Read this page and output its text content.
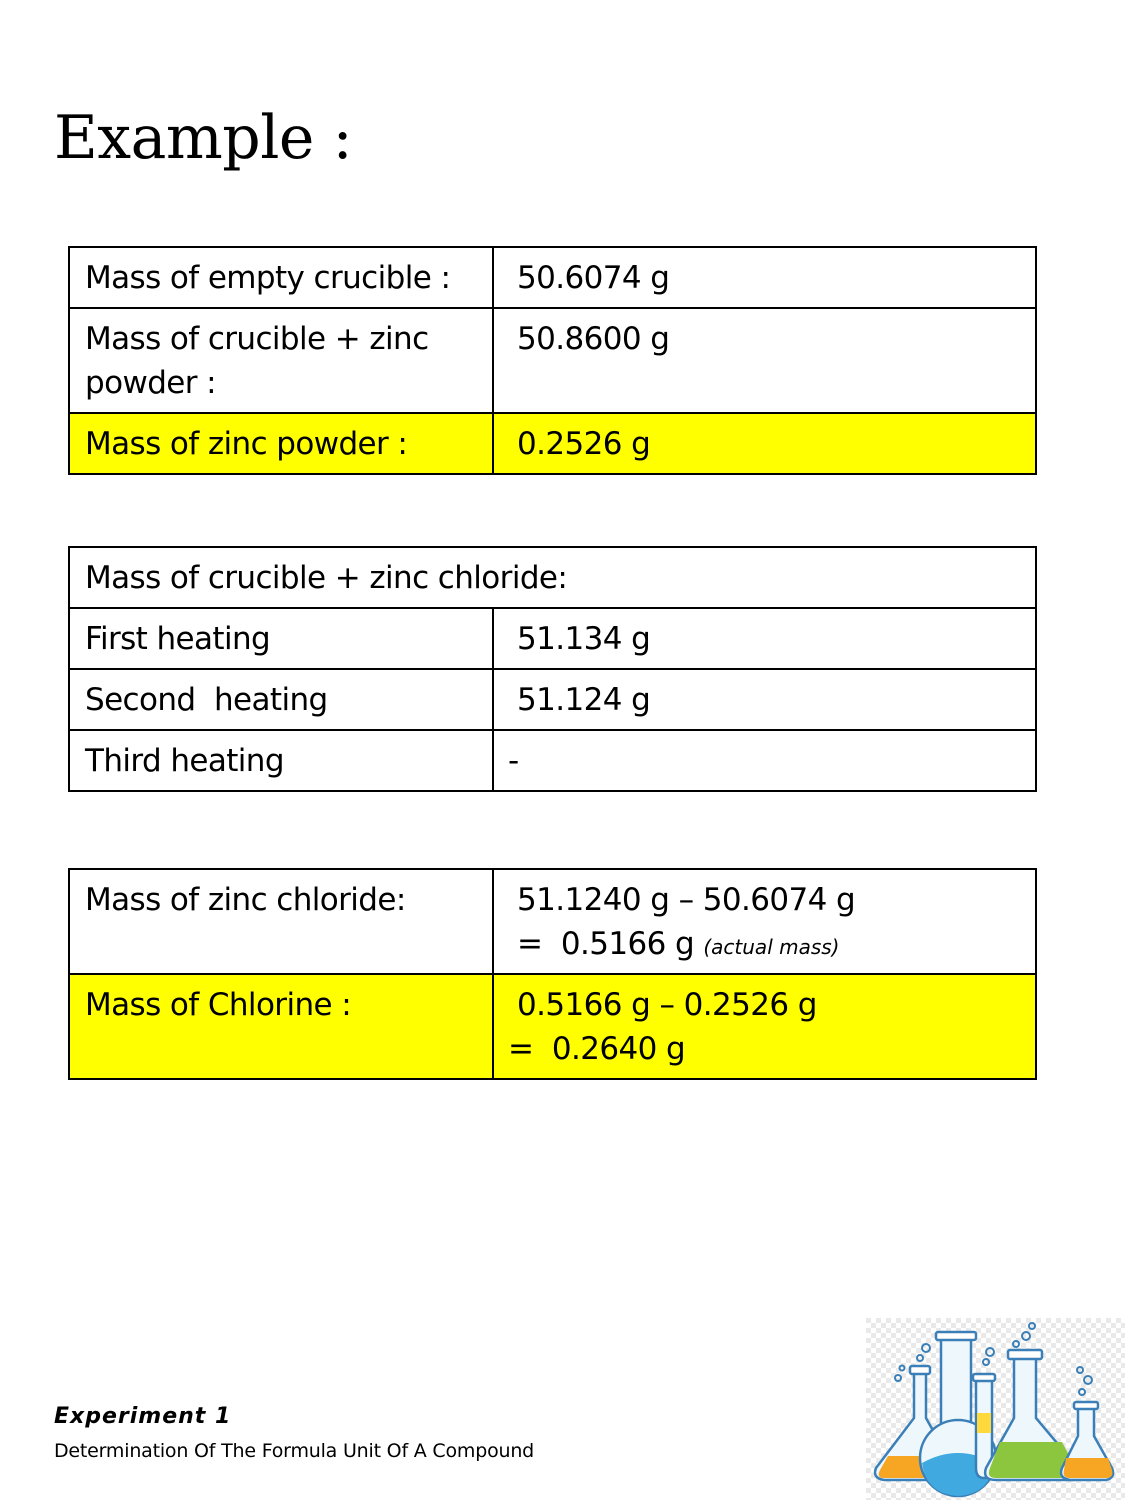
Example :
Mass of empty crucible :	50.6074 g
Mass of crucible + zinc powder :	50.8600 g
Mass of zinc powder :	0.2526 g
Mass of crucible + zinc chloride:	
First heating	51.134 g
Second  heating	51.124 g
Third heating	-
Mass of zinc chloride:	51.1240 g – 50.6074 g
=  0.5166 g (actual mass)

Mass of Chlorine :	0.5166 g – 0.2526 g
=  0.2640 g
Experiment 1
Determination Of The Formula Unit Of A Compound
